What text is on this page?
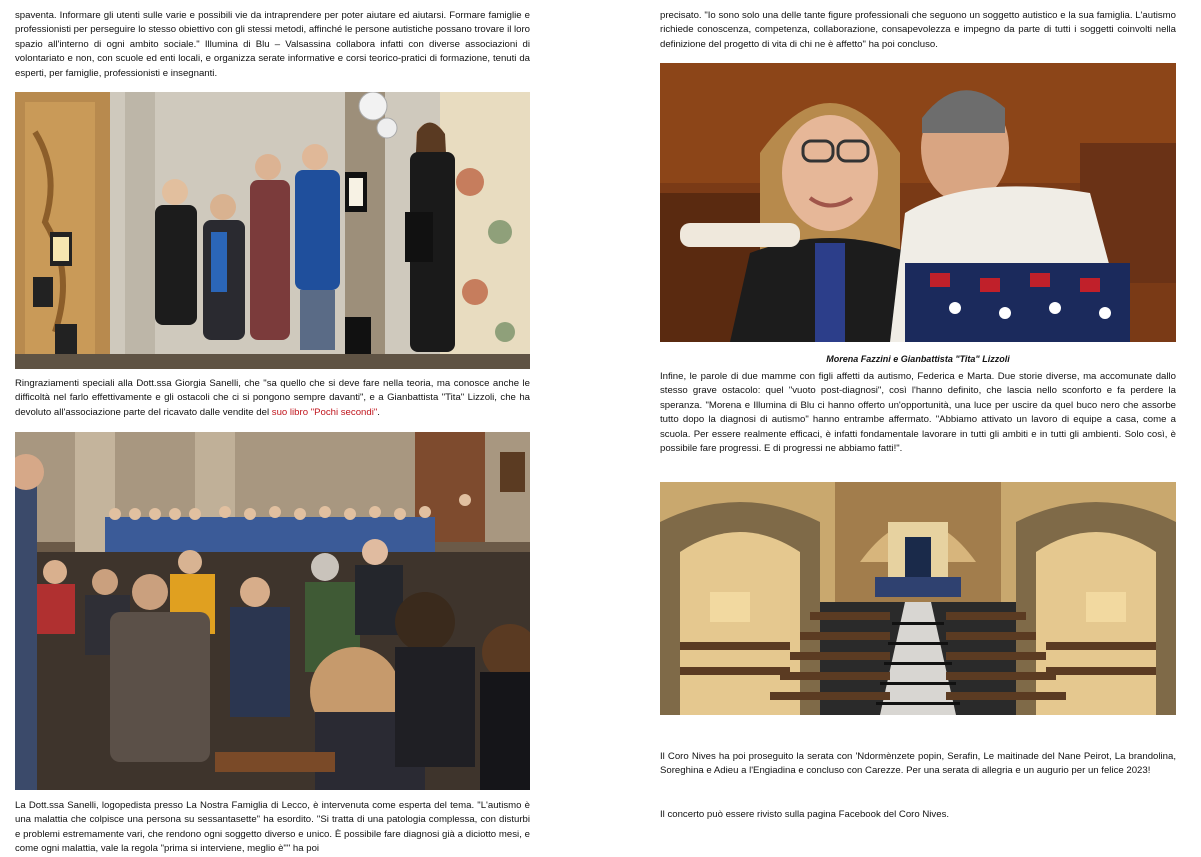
spaventa. Informare gli utenti sulle varie e possibili vie da intraprendere per poter aiutare ed aiutarsi. Formare famiglie e professionisti per perseguire lo stesso obiettivo con gli stessi metodi, affinché le persone autistiche possano trovare il loro spazio all'interno di ogni ambito sociale." Illumina di Blu – Valsassina collabora infatti con diverse associazioni di volontariato e non, con scuole ed enti locali, e organizza serate informative e corsi teorico-pratici di formazione, tenuti da esperti, per famiglie, professionisti e insegnanti.

Ringraziamenti speciali alla Dott.ssa Giorgia Sanelli, che "sa quello che si deve fare nella teoria, ma conosce anche le difficoltà nel farlo effettivamente e gli ostacoli che ci si pongono sempre davanti", e a Gianbattista "Tita" Lizzoli, che ha devoluto all'associazione parte del ricavato dalle vendite del suo libro "Pochi secondi".

La Dott.ssa Sanelli, logopedista presso La Nostra Famiglia di Lecco, è intervenuta come esperta del tema. "L'autismo è una malattia che colpisce una persona su sessantasette" ha esordito. "Si tratta di una patologia complessa, con disturbi e problemi estremamente vari, che rendono ogni soggetto diverso e unico. È possibile fare diagnosi già a diciotto mesi, e come ogni malattia, vale la regola "prima si interviene, meglio è"" ha poi

precisato. "Io sono solo una delle tante figure professionali che seguono un soggetto autistico e la sua famiglia. L'autismo richiede conoscenza, competenza, collaborazione, consapevolezza e impegno da parte di tutti i soggetti coinvolti nella definizione del progetto di vita di chi ne è affetto" ha poi concluso.

Morena Fazzini e Gianbattista "Tita" Lizzoli

Infine, le parole di due mamme con figli affetti da autismo, Federica e Marta. Due storie diverse, ma accomunate dallo stesso grave ostacolo: quel "vuoto post-diagnosi", così l'hanno definito, che lascia nello sconforto e fa perdere la speranza. "Morena e Illumina di Blu ci hanno offerto un'opportunità, una luce per uscire da quel buco nero che assorbe tutto dopo la diagnosi di autismo" hanno entrambe affermato. "Abbiamo attivato un lavoro di equipe a casa, come a scuola. Per essere realmente efficaci, è infatti fondamentale lavorare in tutti gli ambiti e in tutti gli ambienti. Solo così, è possibile fare progressi. E di progressi ne abbiamo fatti!".

Il Coro Nives ha poi proseguito la serata con 'Ndormènzete popin, Serafin, Le maitinade del Nane Peirot, La brandolina, Soreghina e Adieu a l'Engiadina e concluso con Carezze. Per una serata di allegria e un augurio per un felice 2023!

Il concerto può essere rivisto sulla pagina Facebook del Coro Nives.
